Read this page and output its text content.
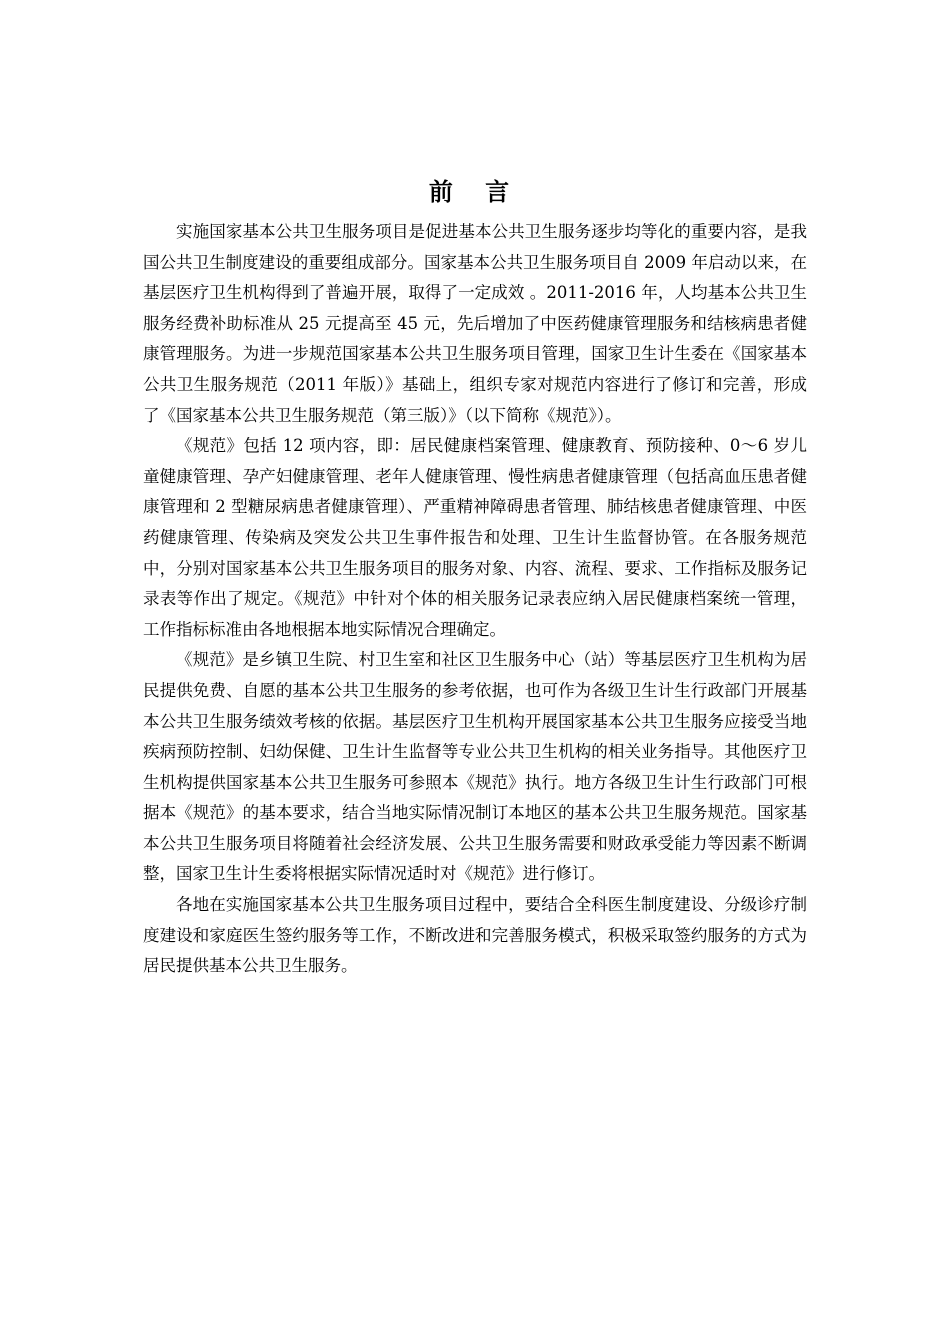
前 言

实施国家基本公共卫生服务项目是促进基本公共卫生服务逐步均等化的重要内容，是我国公共卫生制度建设的重要组成部分。国家基本公共卫生服务项目自 2009 年启动以来，在基层医疗卫生机构得到了普遍开展，取得了一定成效 。2011-2016 年，人均基本公共卫生服务经费补助标准从 25 元提高至 45 元，先后增加了中医药健康管理服务和结核病患者健康管理服务。为进一步规范国家基本公共卫生服务项目管理，国家卫生计生委在《国家基本公共卫生服务规范（2011 年版）》基础上，组织专家对规范内容进行了修订和完善，形成了《国家基本公共卫生服务规范（第三版）》（以下简称《规范》）。

《规范》包括 12 项内容，即：居民健康档案管理、健康教育、预防接种、0～6 岁儿童健康管理、孕产妇健康管理、老年人健康管理、慢性病患者健康管理（包括高血压患者健康管理和 2 型糖尿病患者健康管理）、严重精神障碍患者管理、肺结核患者健康管理、中医药健康管理、传染病及突发公共卫生事件报告和处理、卫生计生监督协管。在各服务规范中，分别对国家基本公共卫生服务项目的服务对象、内容、流程、要求、工作指标及服务记录表等作出了规定。《规范》中针对个体的相关服务记录表应纳入居民健康档案统一管理，工作指标标准由各地根据本地实际情况合理确定。

《规范》是乡镇卫生院、村卫生室和社区卫生服务中心（站）等基层医疗卫生机构为居民提供免费、自愿的基本公共卫生服务的参考依据，也可作为各级卫生计生行政部门开展基本公共卫生服务绩效考核的依据。基层医疗卫生机构开展国家基本公共卫生服务应接受当地疾病预防控制、妇幼保健、卫生计生监督等专业公共卫生机构的相关业务指导。其他医疗卫生机构提供国家基本公共卫生服务可参照本《规范》执行。地方各级卫生计生行政部门可根据本《规范》的基本要求，结合当地实际情况制订本地区的基本公共卫生服务规范。国家基本公共卫生服务项目将随着社会经济发展、公共卫生服务需要和财政承受能力等因素不断调整，国家卫生计生委将根据实际情况适时对《规范》进行修订。

各地在实施国家基本公共卫生服务项目过程中，要结合全科医生制度建设、分级诊疗制度建设和家庭医生签约服务等工作，不断改进和完善服务模式，积极采取签约服务的方式为居民提供基本公共卫生服务。
